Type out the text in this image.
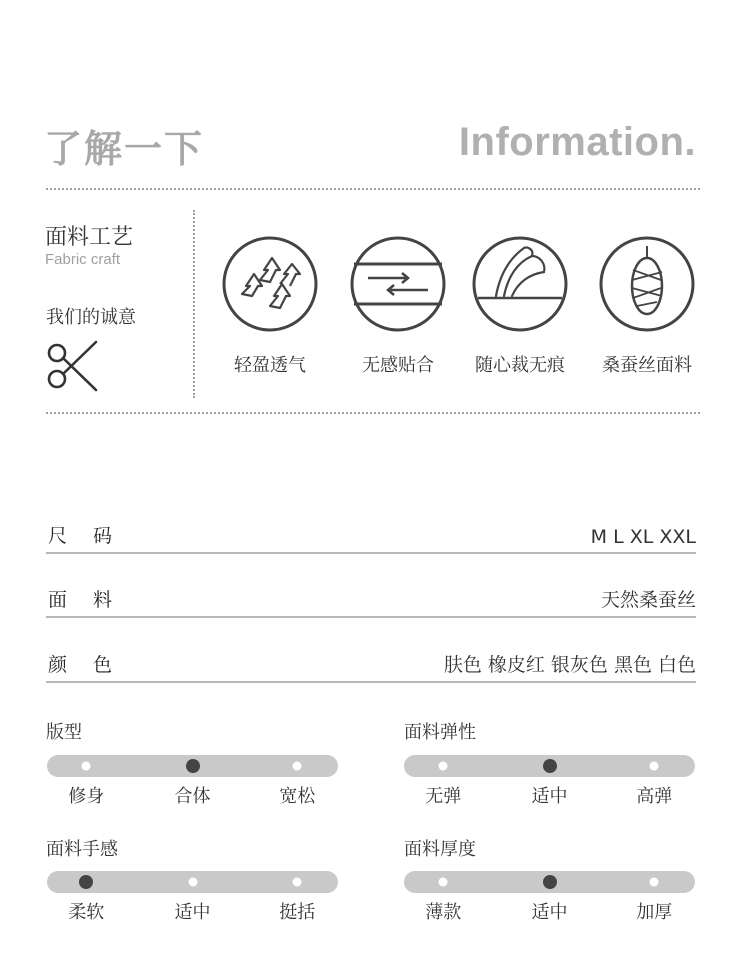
了解一下	Information.
面料工艺
Fabric craft
我们的诚意
轻盈透气	无感贴合	随心裁无痕	桑蚕丝面料
尺码	M L XL XXL
面料	天然桑蚕丝
颜色	肤色 橡皮红 银灰色 黑色 白色
版型
修身	合体	宽松
面料弹性
无弹	适中	高弹
面料手感
柔软	适中	挺括
面料厚度
薄款	适中	加厚
